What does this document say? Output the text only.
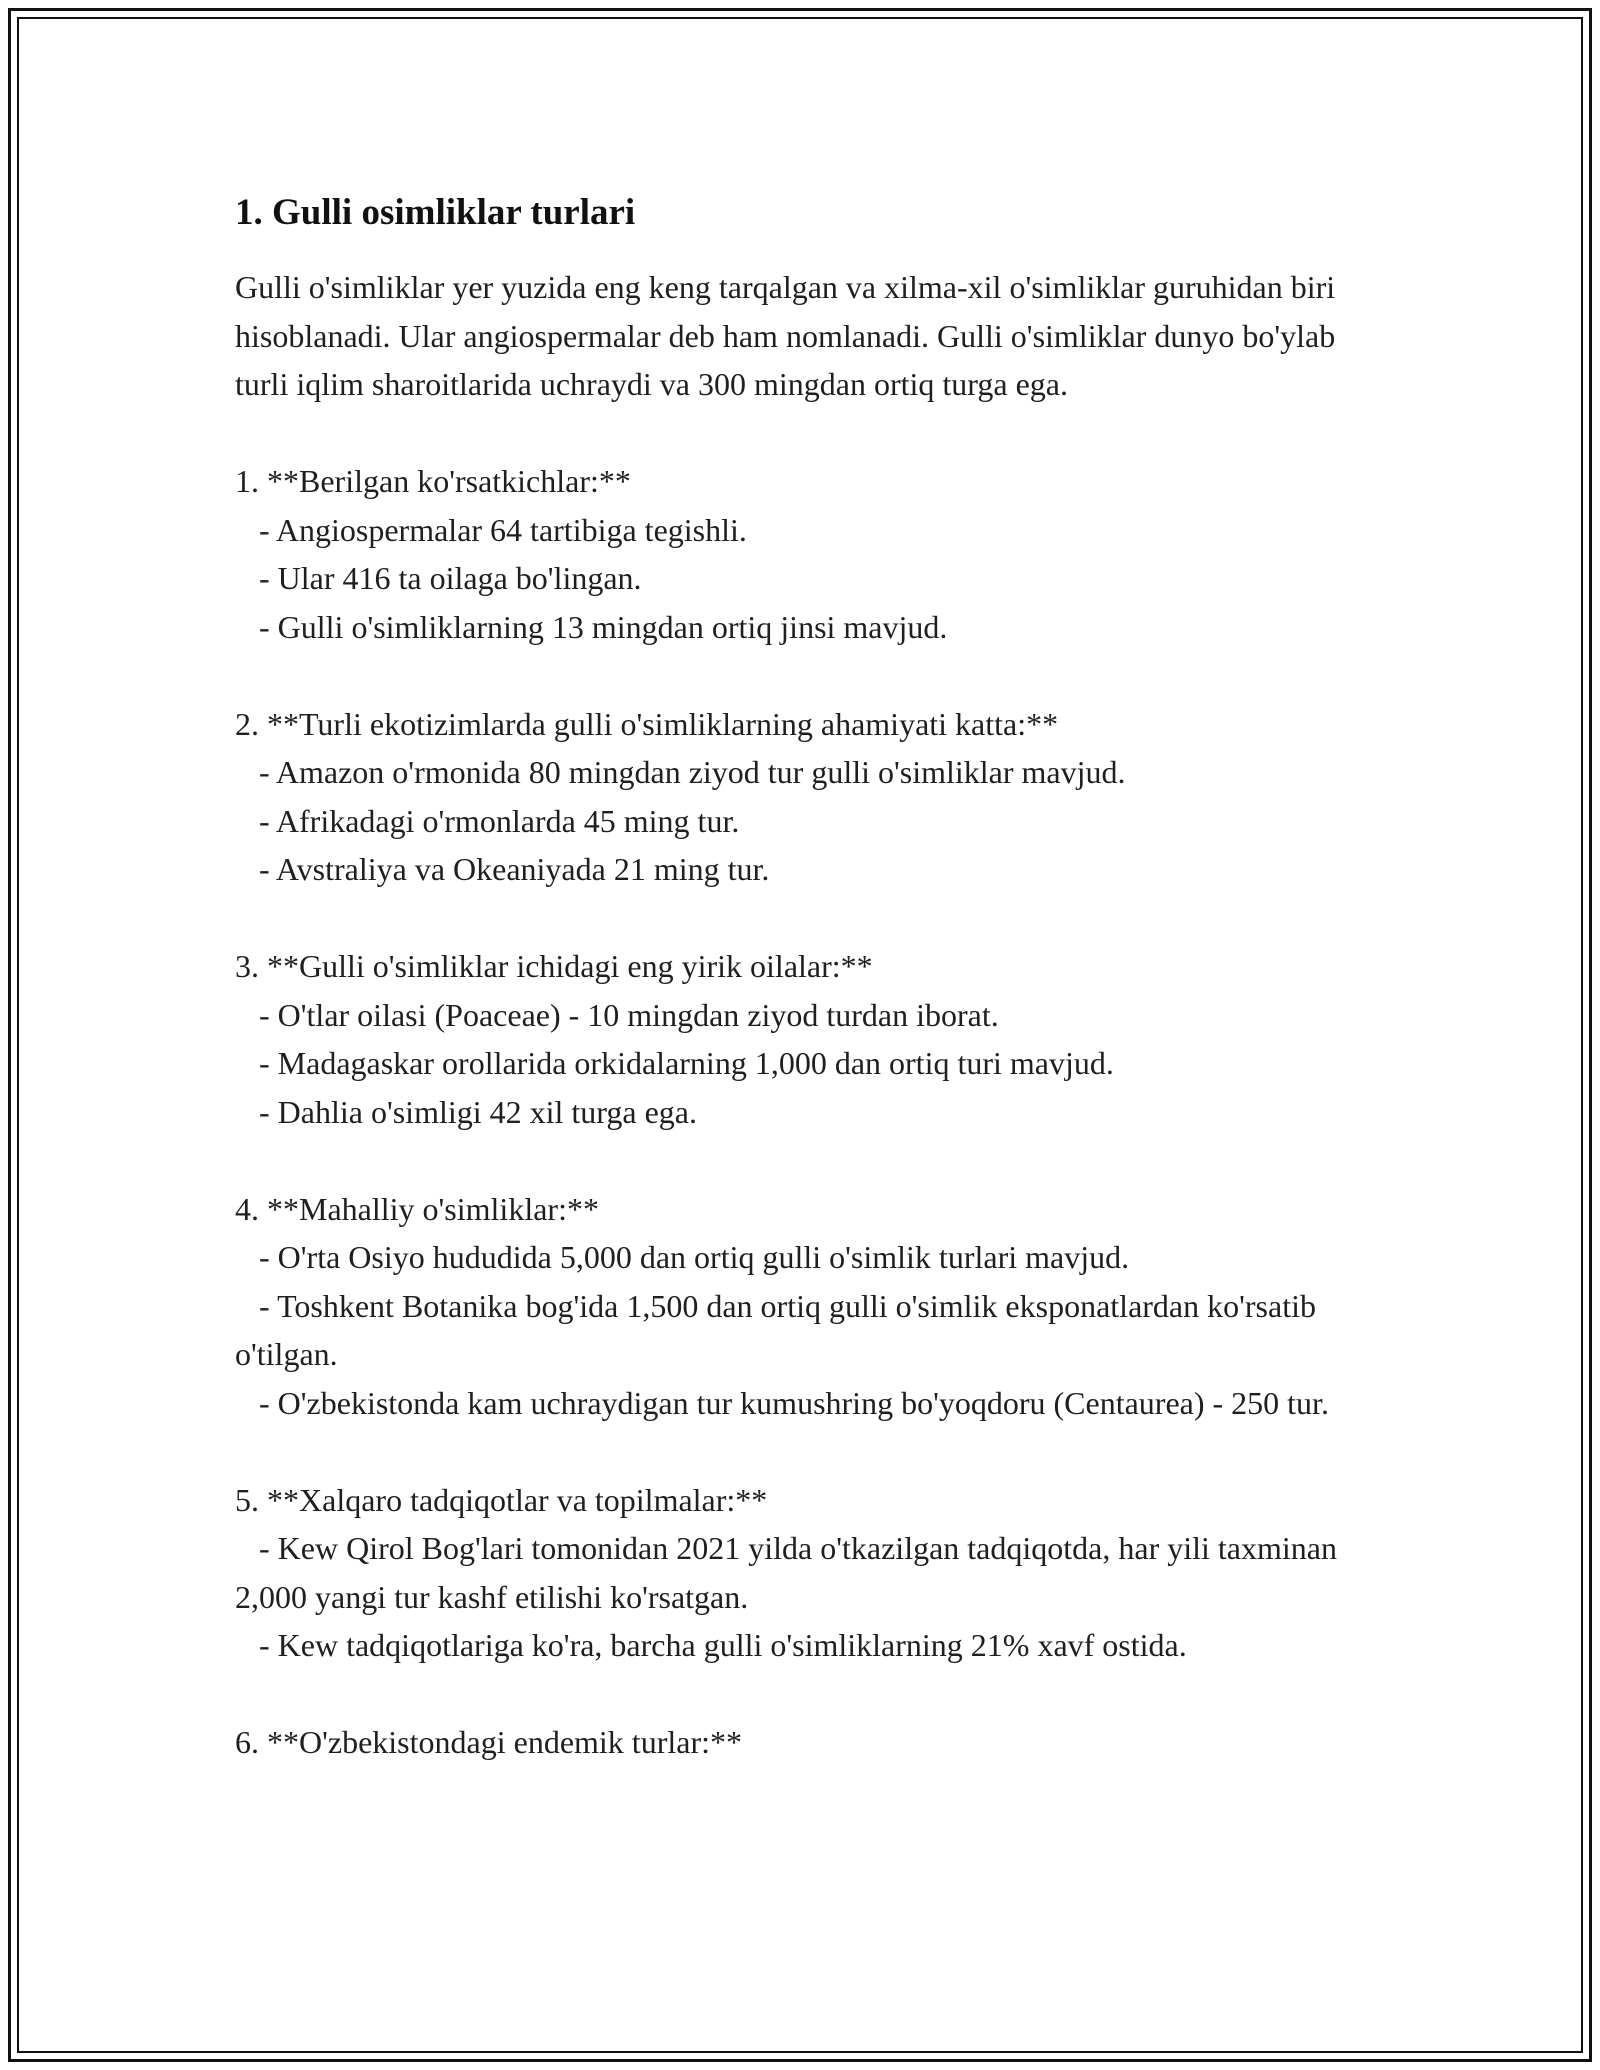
1. Gulli osimliklar turlari

Gulli o'simliklar yer yuzida eng keng tarqalgan va xilma-xil o'simliklar guruhidan biri hisoblanadi. Ular angiospermalar deb ham nomlanadi. Gulli o'simliklar dunyo bo'ylab turli iqlim sharoitlarida uchraydi va 300 mingdan ortiq turga ega.

1. **Berilgan ko'rsatkichlar:**
- Angiospermalar 64 tartibiga tegishli.
- Ular 416 ta oilaga bo'lingan.
- Gulli o'simliklarning 13 mingdan ortiq jinsi mavjud.
2. **Turli ekotizimlarda gulli o'simliklarning ahamiyati katta:**
- Amazon o'rmonida 80 mingdan ziyod tur gulli o'simliklar mavjud.
- Afrikadagi o'rmonlarda 45 ming tur.
- Avstraliya va Okeaniyada 21 ming tur.
3. **Gulli o'simliklar ichidagi eng yirik oilalar:**
- O'tlar oilasi (Poaceae) - 10 mingdan ziyod turdan iborat.
- Madagaskar orollarida orkidalarning 1,000 dan ortiq turi mavjud.
- Dahlia o'simligi 42 xil turga ega.
4. **Mahalliy o'simliklar:**
- O'rta Osiyo hududida 5,000 dan ortiq gulli o'simlik turlari mavjud.
- Toshkent Botanika bog'ida 1,500 dan ortiq gulli o'simlik eksponatlardan ko'rsatib o'tilgan.
- O'zbekistonda kam uchraydigan tur kumushring bo'yoqdoru (Centaurea) - 250 tur.
5. **Xalqaro tadqiqotlar va topilmalar:**
- Kew Qirol Bog'lari tomonidan 2021 yilda o'tkazilgan tadqiqotda, har yili taxminan 2,000 yangi tur kashf etilishi ko'rsatgan.
- Kew tadqiqotlariga ko'ra, barcha gulli o'simliklarning 21% xavf ostida.
6. **O'zbekistondagi endemik turlar:**
